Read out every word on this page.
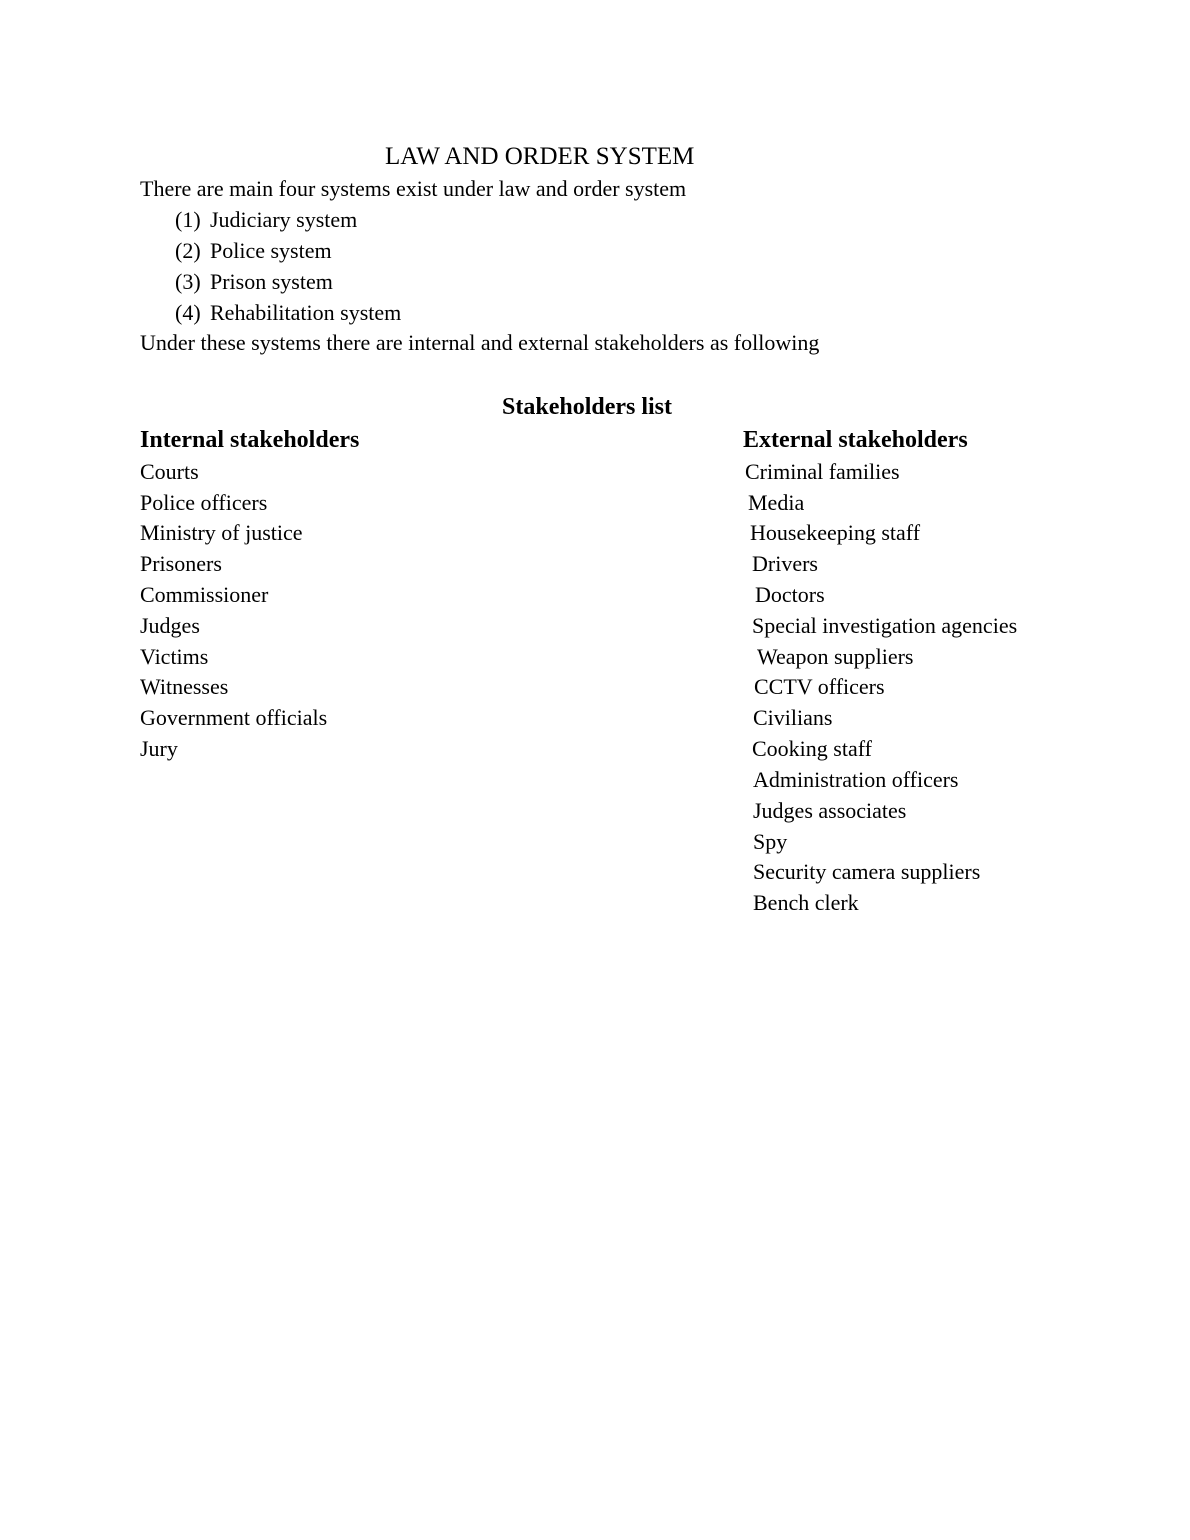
LAW AND ORDER SYSTEM
There are main four systems exist under law and order system
(1) Judiciary system
(2) Police system
(3) Prison system
(4) Rehabilitation system
Under these systems there are internal and external stakeholders as following
Stakeholders list
Internal stakeholders	External stakeholders
Courts
Police officers
Ministry of justice
Prisoners
Commissioner
Judges
Victims
Witnesses
Government officials
Jury
Criminal families
Media
Housekeeping staff
Drivers
Doctors
Special investigation agencies
Weapon suppliers
CCTV officers
Civilians
Cooking staff
Administration officers
Judges associates
Spy
Security camera suppliers
Bench clerk
